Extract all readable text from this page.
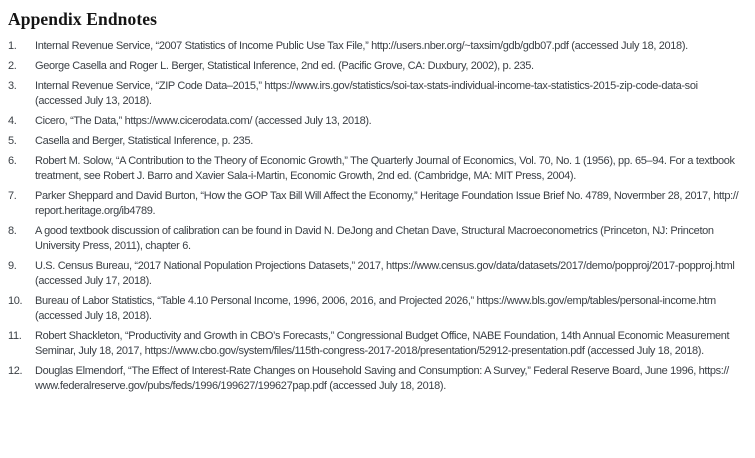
Appendix Endnotes
1.	Internal Revenue Service, “2007 Statistics of Income Public Use Tax File,” http:/​/​users.nber.org/​~taxsim/​gdb/​gdb07.pdf (accessed July 18, 2018).
2.	George Casella and Roger L. Berger, Statistical Inference, 2nd ed. (Pacific Grove, CA: Duxbury, 2002), p. 235.
3.	Internal Revenue Service, “ZIP Code Data–2015,” https:/​/​www.irs.gov/​statistics/​soi-tax-stats-individual-income-tax-statistics-2015-zip-code-data-soi (accessed July 13, 2018).
4.	Cicero, “The Data,” https:/​/​www.cicerodata.com/​ (accessed July 13, 2018).
5.	Casella and Berger, Statistical Inference, p. 235.
6.	Robert M. Solow, “A Contribution to the Theory of Economic Growth,” The Quarterly Journal of Economics, Vol. 70, No. 1 (1956), pp. 65–94. For a textbook treatment, see Robert J. Barro and Xavier Sala-i-Martin, Economic Growth, 2nd ed. (Cambridge, MA: MIT Press, 2004).
7.	Parker Sheppard and David Burton, “How the GOP Tax Bill Will Affect the Economy,” Heritage Foundation Issue Brief No. 4789, Novermber 28, 2017, http:/​/​report.heritage.org/​ib4789.
8.	A good textbook discussion of calibration can be found in David N. DeJong and Chetan Dave, Structural Macroeconometrics (Princeton, NJ: Princeton University Press, 2011), chapter 6.
9.	U.S. Census Bureau, “2017 National Population Projections Datasets,” 2017, https:/​/​www.census.gov/​data/​datasets/​2017/​demo/​popproj/​2017-popproj.html (accessed July 17, 2018).
10.	Bureau of Labor Statistics, “Table 4.10 Personal Income, 1996, 2006, 2016, and Projected 2026,” https:/​/​www.bls.gov/​emp/​tables/​personal-income.htm (accessed July 18, 2018).
11.	Robert Shackleton, “Productivity and Growth in CBO’s Forecasts,” Congressional Budget Office, NABE Foundation, 14th Annual Economic Measurement Seminar, July 18, 2017, https:/​/​www.cbo.gov/​system/​files/​115th-congress-2017-2018/​presentation/​52912-presentation.pdf (accessed July 18, 2018).
12.	Douglas Elmendorf, “The Effect of Interest-Rate Changes on Household Saving and Consumption: A Survey,” Federal Reserve Board, June 1996, https:/​/​www.federalreserve.gov/​pubs/​feds/​1996/​199627/​199627pap.pdf (accessed July 18, 2018).
